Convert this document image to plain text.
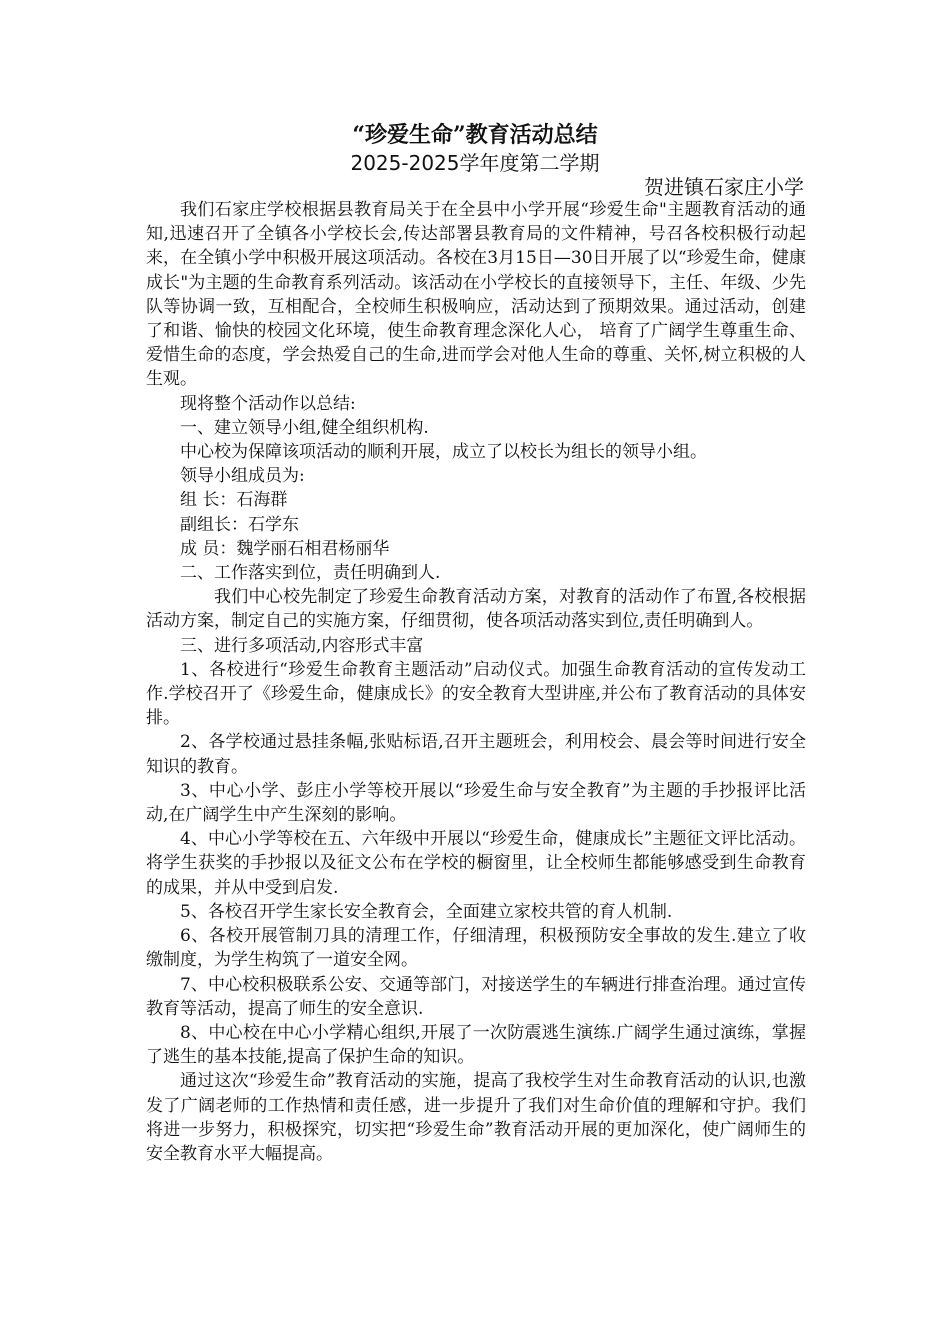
“珍爱生命”教育活动总结
2025-2025学年度第二学期
贺进镇石家庄小学

我们石家庄学校根据县教育局关于在全县中小学开展“珍爱生命"主题教育活动的通知,迅速召开了全镇各小学校长会,传达部署县教育局的文件精神，号召各校积极行动起来，在全镇小学中积极开展这项活动。各校在3月15日—30日开展了以“珍爱生命，健康成长"为主题的生命教育系列活动。该活动在小学校长的直接领导下，主任、年级、少先队等协调一致，互相配合，全校师生积极响应，活动达到了预期效果。通过活动，创建了和谐、愉快的校园文化环境，使生命教育理念深化人心， 培育了广阔学生尊重生命、爱惜生命的态度，学会热爱自己的生命,进而学会对他人生命的尊重、关怀,树立积极的人生观。

现将整个活动作以总结:

一、建立领导小组,健全组织机构.

中心校为保障该项活动的顺利开展，成立了以校长为组长的领导小组。

领导小组成员为:

组 长：石海群

副组长：石学东

成 员：魏学丽石相君杨丽华

二、工作落实到位，责任明确到人.

我们中心校先制定了珍爱生命教育活动方案，对教育的活动作了布置,各校根据活动方案，制定自己的实施方案，仔细贯彻，使各项活动落实到位,责任明确到人。

三、进行多项活动,内容形式丰富

1、各校进行“珍爱生命教育主题活动”启动仪式。加强生命教育活动的宣传发动工作.学校召开了《珍爱生命，健康成长》的安全教育大型讲座,并公布了教育活动的具体安排。

2、各学校通过悬挂条幅,张贴标语,召开主题班会，利用校会、晨会等时间进行安全知识的教育。

3、中心小学、彭庄小学等校开展以“珍爱生命与安全教育”为主题的手抄报评比活动,在广阔学生中产生深刻的影响。

4、中心小学等校在五、六年级中开展以“珍爱生命，健康成长”主题征文评比活动。将学生获奖的手抄报以及征文公布在学校的橱窗里，让全校师生都能够感受到生命教育的成果，并从中受到启发.

5、各校召开学生家长安全教育会，全面建立家校共管的育人机制.

6、各校开展管制刀具的清理工作，仔细清理，积极预防安全事故的发生.建立了收缴制度，为学生构筑了一道安全网。

7、中心校积极联系公安、交通等部门，对接送学生的车辆进行排查治理。通过宣传教育等活动，提高了师生的安全意识.

8、中心校在中心小学精心组织,开展了一次防震逃生演练.广阔学生通过演练，掌握了逃生的基本技能,提高了保护生命的知识。

通过这次“珍爱生命”教育活动的实施，提高了我校学生对生命教育活动的认识,也激发了广阔老师的工作热情和责任感，进一步提升了我们对生命价值的理解和守护。我们将进一步努力，积极探究，切实把“珍爱生命”教育活动开展的更加深化，使广阔师生的安全教育水平大幅提高。
